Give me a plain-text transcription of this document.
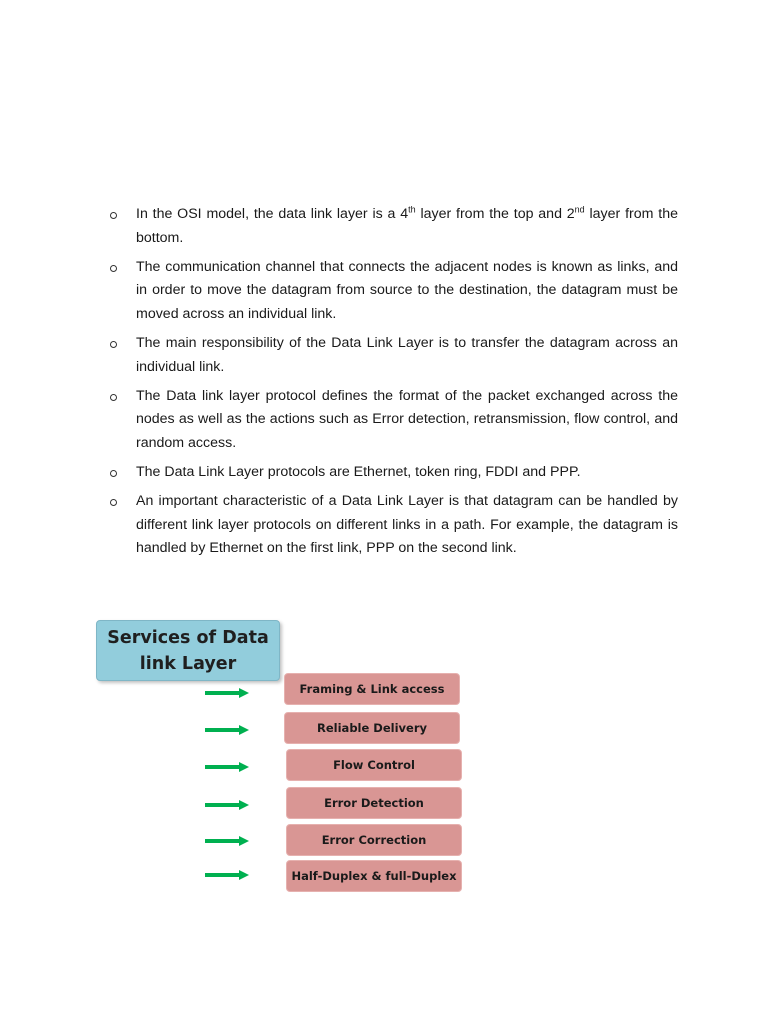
In the OSI model, the data link layer is a 4th layer from the top and 2nd layer from the bottom.
The communication channel that connects the adjacent nodes is known as links, and in order to move the datagram from source to the destination, the datagram must be moved across an individual link.
The main responsibility of the Data Link Layer is to transfer the datagram across an individual link.
The Data link layer protocol defines the format of the packet exchanged across the nodes as well as the actions such as Error detection, retransmission, flow control, and random access.
The Data Link Layer protocols are Ethernet, token ring, FDDI and PPP.
An important characteristic of a Data Link Layer is that datagram can be handled by different link layer protocols on different links in a path. For example, the datagram is handled by Ethernet on the first link, PPP on the second link.
Services of Data link Layer
Framing & Link access
Reliable Delivery
Flow Control
Error Detection
Error Correction
Half-Duplex & full-Duplex
